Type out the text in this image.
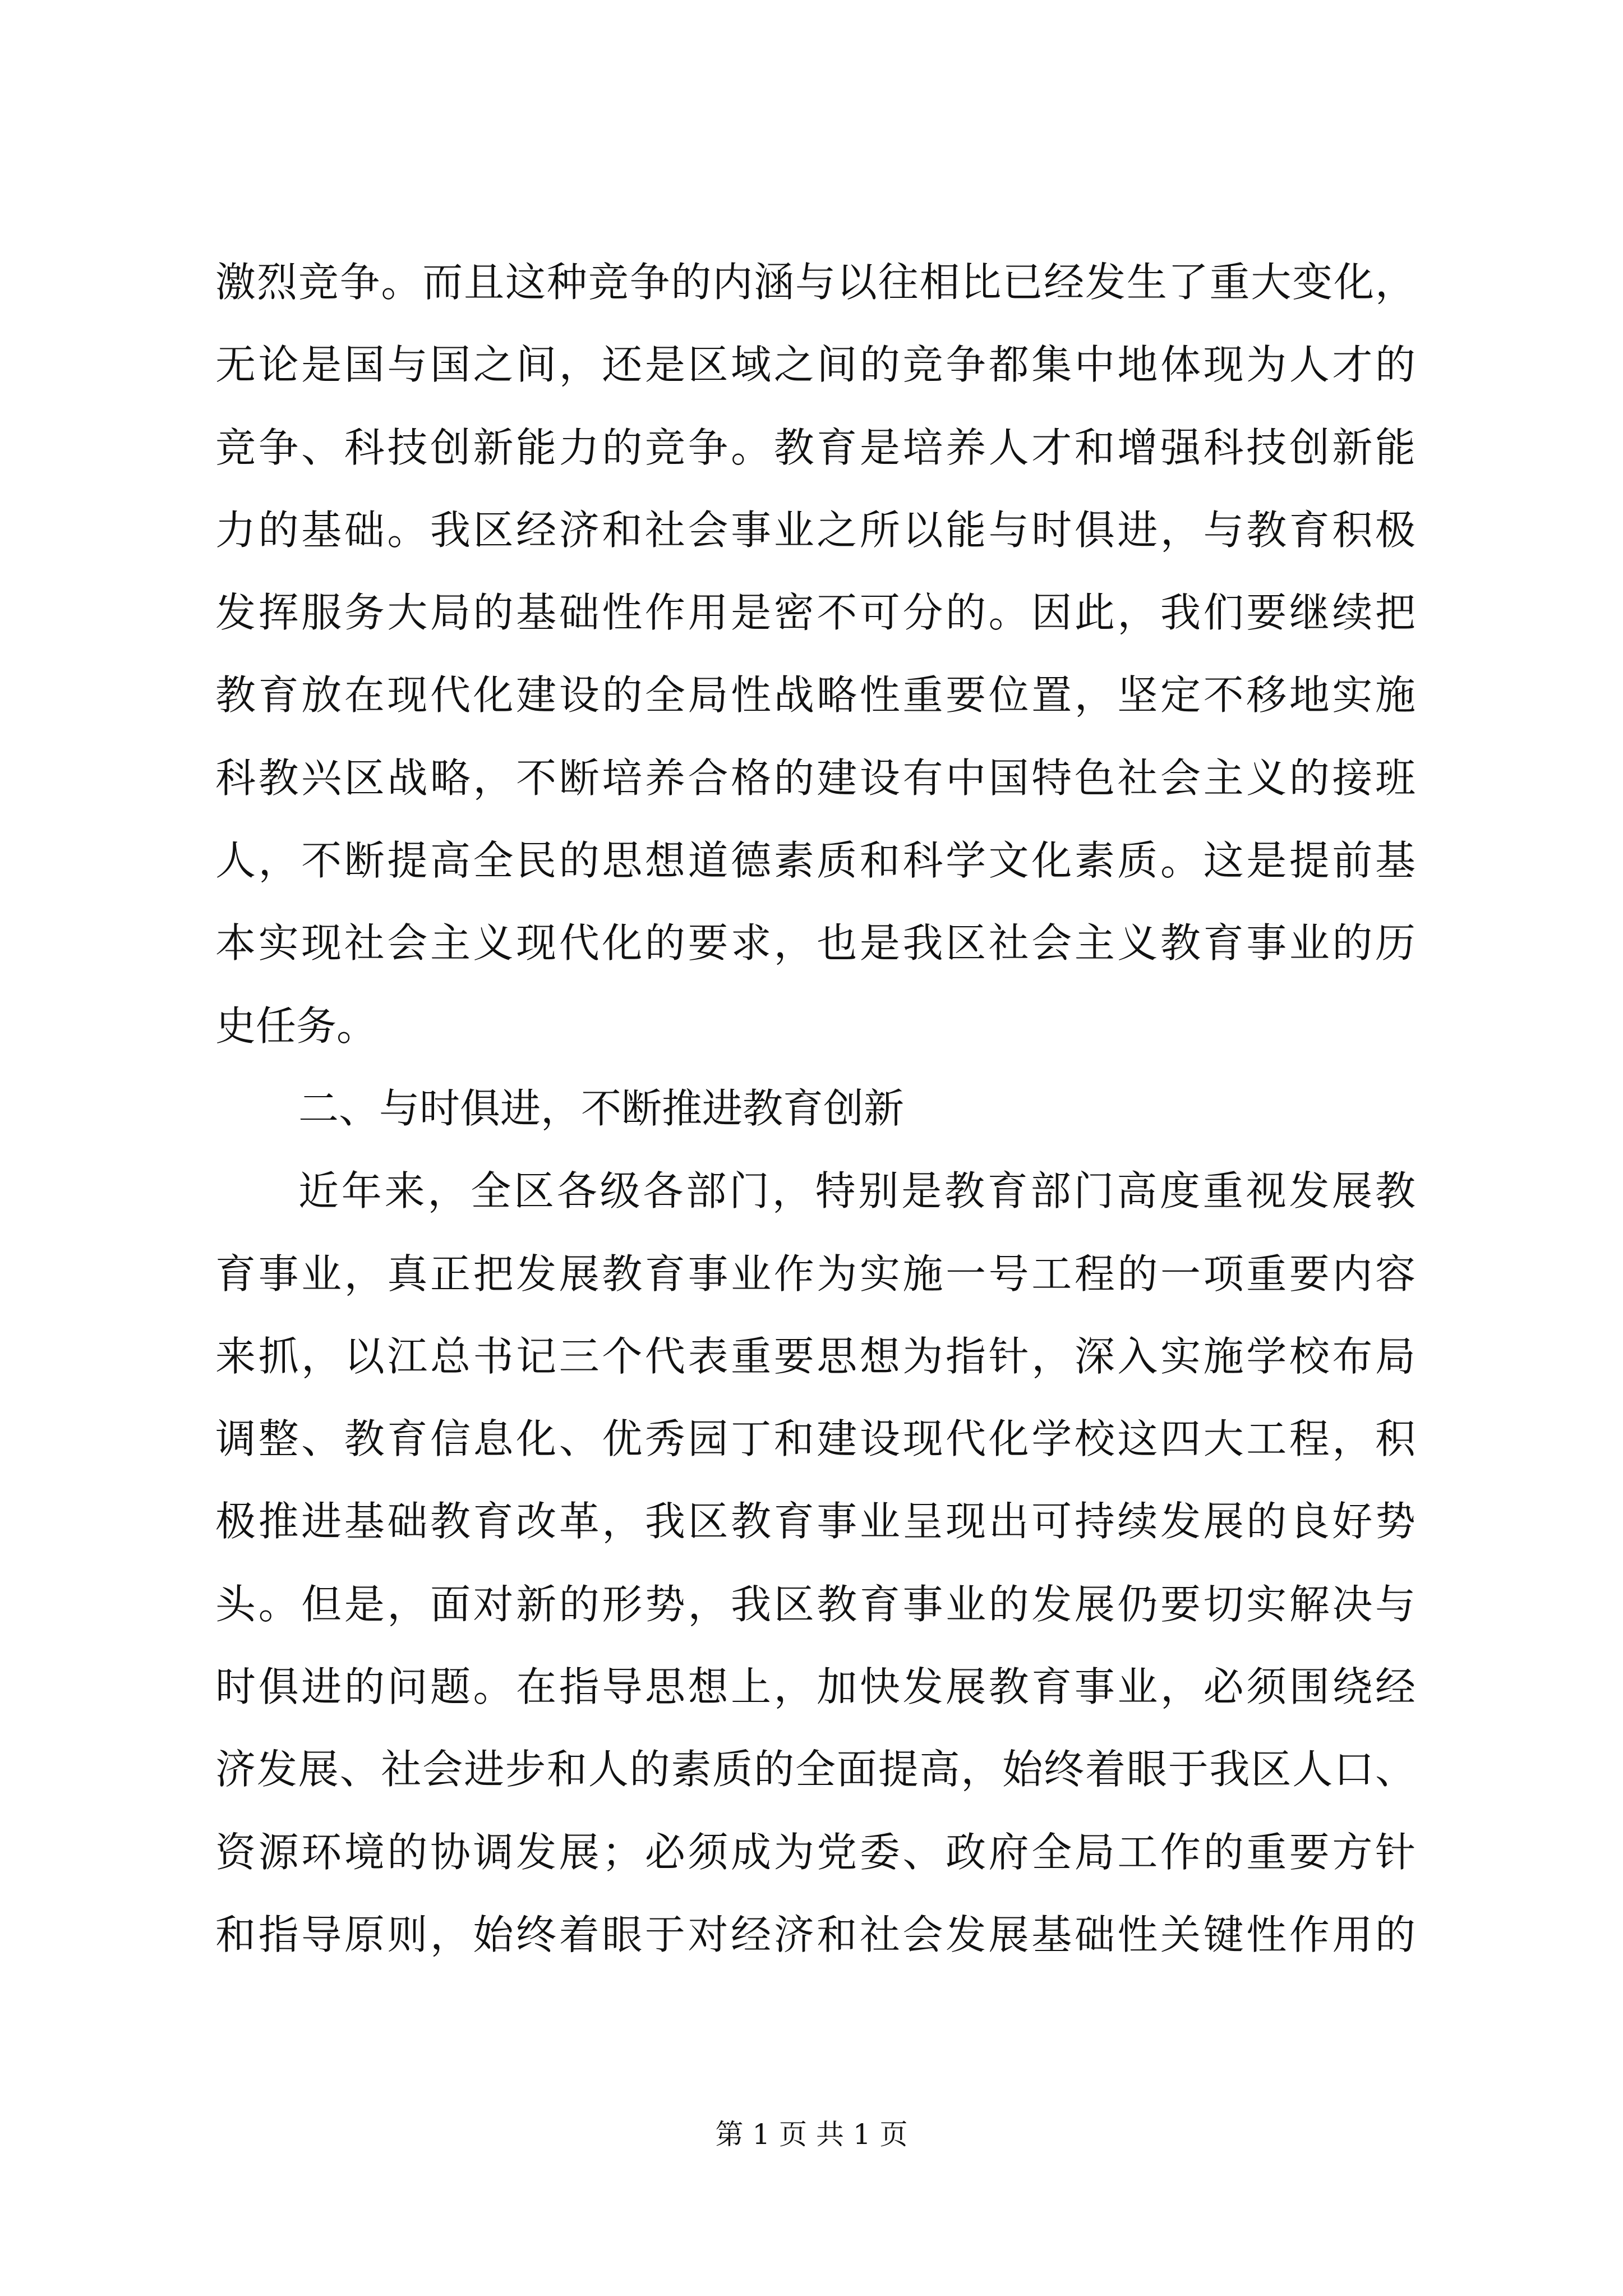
激烈竞争。而且这种竞争的内涵与以往相比已经发生了重大变化，
无论是国与国之间，还是区域之间的竞争都集中地体现为人才的
竞争、科技创新能力的竞争。教育是培养人才和增强科技创新能
力的基础。我区经济和社会事业之所以能与时俱进，与教育积极
发挥服务大局的基础性作用是密不可分的。因此，我们要继续把
教育放在现代化建设的全局性战略性重要位置，坚定不移地实施
科教兴区战略，不断培养合格的建设有中国特色社会主义的接班
人，不断提高全民的思想道德素质和科学文化素质。这是提前基
本实现社会主义现代化的要求，也是我区社会主义教育事业的历
史任务。
二、与时俱进，不断推进教育创新
近年来，全区各级各部门，特别是教育部门高度重视发展教
育事业，真正把发展教育事业作为实施一号工程的一项重要内容
来抓，以江总书记三个代表重要思想为指针，深入实施学校布局
调整、教育信息化、优秀园丁和建设现代化学校这四大工程，积
极推进基础教育改革，我区教育事业呈现出可持续发展的良好势
头。但是，面对新的形势，我区教育事业的发展仍要切实解决与
时俱进的问题。在指导思想上，加快发展教育事业，必须围绕经
济发展、社会进步和人的素质的全面提高，始终着眼于我区人口、
资源环境的协调发展；必须成为党委、政府全局工作的重要方针
和指导原则，始终着眼于对经济和社会发展基础性关键性作用的
第 1 页 共 1 页
